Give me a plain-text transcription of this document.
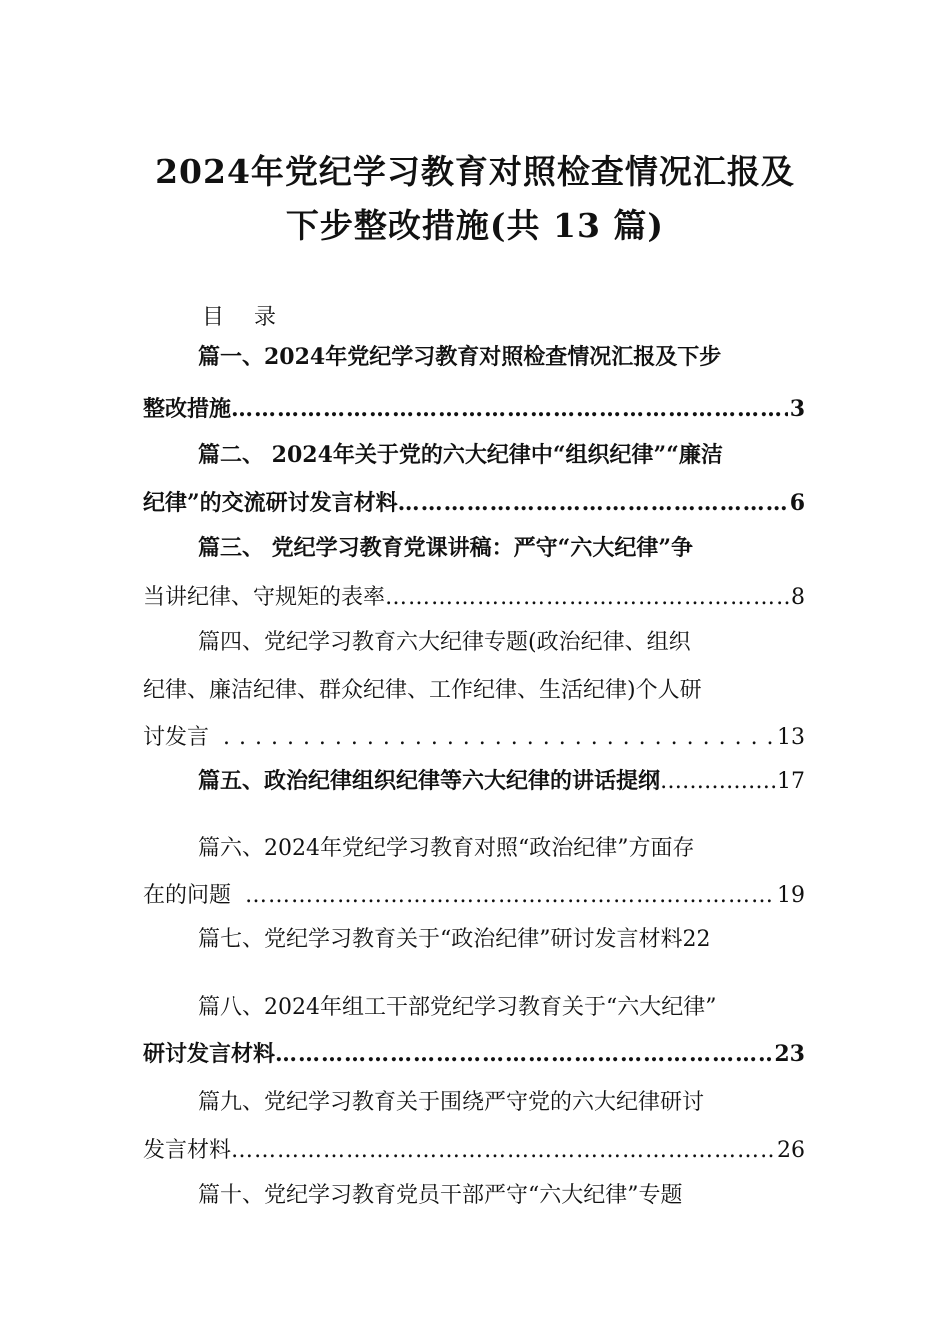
2024年党纪学习教育对照检查情况汇报及
下步整改措施(共 13 篇)
目录
篇一、2024年党纪学习教育对照检查情况汇报及下步
整改措施 ………………………………………………………………………………………………………………………	3
篇二、 2024年关于党的六大纪律中“组织纪律”“廉洁
纪律”的交流研讨发言材料 ………………………………………………………………………………………………………………………	6
篇三、 党纪学习教育党课讲稿：严守“六大纪律”争
当讲纪律、守规矩的表率 ………………………………………………………………………………………………………………………	8
篇四、党纪学习教育六大纪律专题(政治纪律、组织
纪律、廉洁纪律、群众纪律、工作纪律、生活纪律)个人研
讨发言 . . .	13
篇五、政治纪律组织纪律等六大纪律的讲话提纲 ………………………………………………………………	17
篇六、2024年党纪学习教育对照“政治纪律”方面存
在的问题 ………………………………………………………………………………………………………………………	19
篇七、党纪学习教育关于“政治纪律”研讨发言材料 22
篇八、2024年组工干部党纪学习教育关于“六大纪律”
研讨发言材料 ………………………………………………………………………………………………………………………	23
篇九、党纪学习教育关于围绕严守党的六大纪律研讨
发言材料 ………………………………………………………………………………………………………………………	26
篇十、党纪学习教育党员干部严守“六大纪律”专题
